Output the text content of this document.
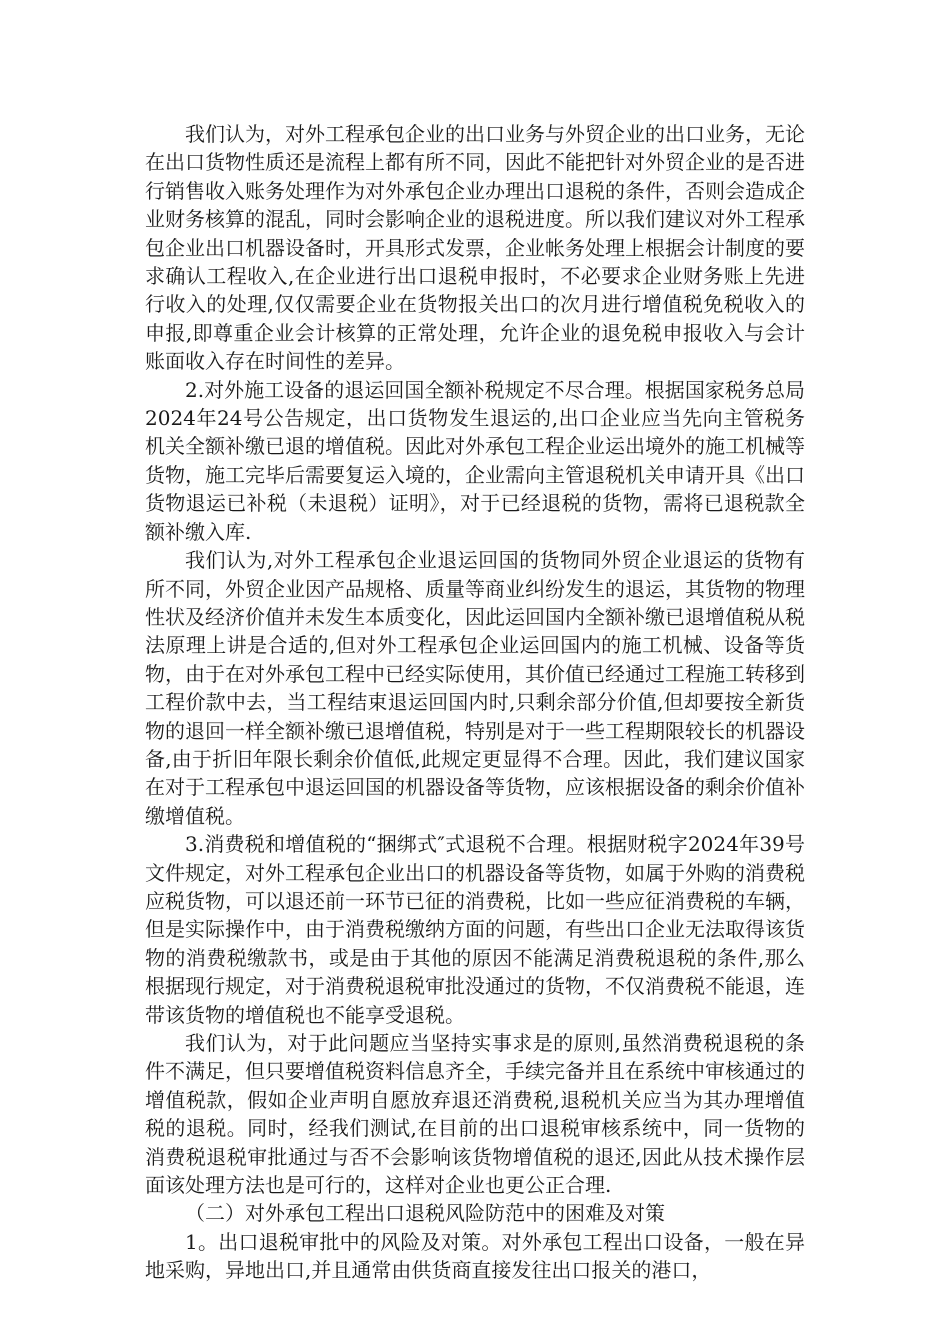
我们认为，对外工程承包企业的出口业务与外贸企业的出口业务，无论在出口货物性质还是流程上都有所不同，因此不能把针对外贸企业的是否进行销售收入账务处理作为对外承包企业办理出口退税的条件，否则会造成企业财务核算的混乱，同时会影响企业的退税进度。所以我们建议对外工程承包企业出口机器设备时，开具形式发票，企业帐务处理上根据会计制度的要求确认工程收入,在企业进行出口退税申报时，不必要求企业财务账上先进行收入的处理,仅仅需要企业在货物报关出口的次月进行增值税免税收入的申报,即尊重企业会计核算的正常处理，允许企业的退免税申报收入与会计账面收入存在时间性的差异。

2.对外施工设备的退运回国全额补税规定不尽合理。根据国家税务总局2024年24号公告规定，出口货物发生退运的,出口企业应当先向主管税务机关全额补缴已退的增值税。因此对外承包工程企业运出境外的施工机械等货物，施工完毕后需要复运入境的，企业需向主管退税机关申请开具《出口货物退运已补税（未退税）证明》，对于已经退税的货物，需将已退税款全额补缴入库.

我们认为,对外工程承包企业退运回国的货物同外贸企业退运的货物有所不同，外贸企业因产品规格、质量等商业纠纷发生的退运，其货物的物理性状及经济价值并未发生本质变化，因此运回国内全额补缴已退增值税从税法原理上讲是合适的,但对外工程承包企业运回国内的施工机械、设备等货物，由于在对外承包工程中已经实际使用，其价值已经通过工程施工转移到工程价款中去，当工程结束退运回国内时,只剩余部分价值,但却要按全新货物的退回一样全额补缴已退增值税，特别是对于一些工程期限较长的机器设备,由于折旧年限长剩余价值低,此规定更显得不合理。因此，我们建议国家在对于工程承包中退运回国的机器设备等货物，应该根据设备的剩余价值补缴增值税。

3.消费税和增值税的“捆绑式″式退税不合理。根据财税字2024年39号文件规定，对外工程承包企业出口的机器设备等货物，如属于外购的消费税应税货物，可以退还前一环节已征的消费税，比如一些应征消费税的车辆，但是实际操作中，由于消费税缴纳方面的问题，有些出口企业无法取得该货物的消费税缴款书，或是由于其他的原因不能满足消费税退税的条件,那么根据现行规定，对于消费税退税审批没通过的货物，不仅消费税不能退，连带该货物的增值税也不能享受退税。

我们认为，对于此问题应当坚持实事求是的原则,虽然消费税退税的条件不满足，但只要增值税资料信息齐全，手续完备并且在系统中审核通过的增值税款，假如企业声明自愿放弃退还消费税,退税机关应当为其办理增值税的退税。同时，经我们测试,在目前的出口退税审核系统中，同一货物的消费税退税审批通过与否不会影响该货物增值税的退还,因此从技术操作层面该处理方法也是可行的，这样对企业也更公正合理.

（二）对外承包工程出口退税风险防范中的困难及对策

1。出口退税审批中的风险及对策。对外承包工程出口设备，一般在异地采购，异地出口,并且通常由供货商直接发往出口报关的港口，
